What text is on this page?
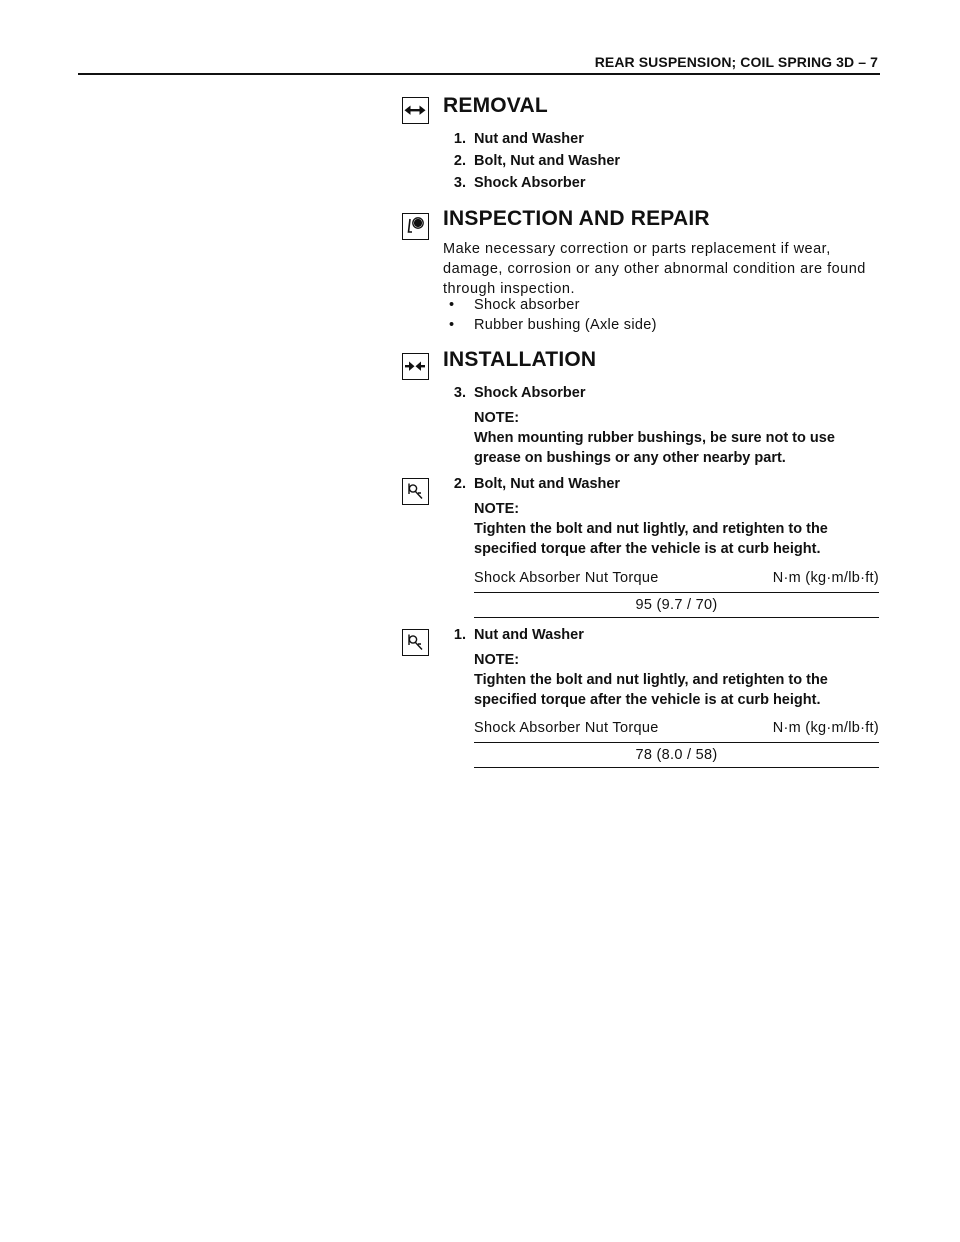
REAR SUSPENSION; COIL SPRING 3D – 7
REMOVAL
1. Nut and Washer
2. Bolt, Nut and Washer
3. Shock Absorber
INSPECTION AND REPAIR
Make necessary correction or parts replacement if wear, damage, corrosion or any other abnormal condition are found through inspection.
• Shock absorber
• Rubber bushing (Axle side)
INSTALLATION
3. Shock Absorber
NOTE:
When mounting rubber bushings, be sure not to use grease on bushings or any other nearby part.
2. Bolt, Nut and Washer
NOTE:
Tighten the bolt and nut lightly, and retighten to the specified torque after the vehicle is at curb height.
Shock Absorber Nut Torque	N·m (kg·m/lb·ft)
95 (9.7 / 70)
1. Nut and Washer
NOTE:
Tighten the bolt and nut lightly, and retighten to the specified torque after the vehicle is at curb height.
Shock Absorber Nut Torque	N·m (kg·m/lb·ft)
78 (8.0 / 58)
